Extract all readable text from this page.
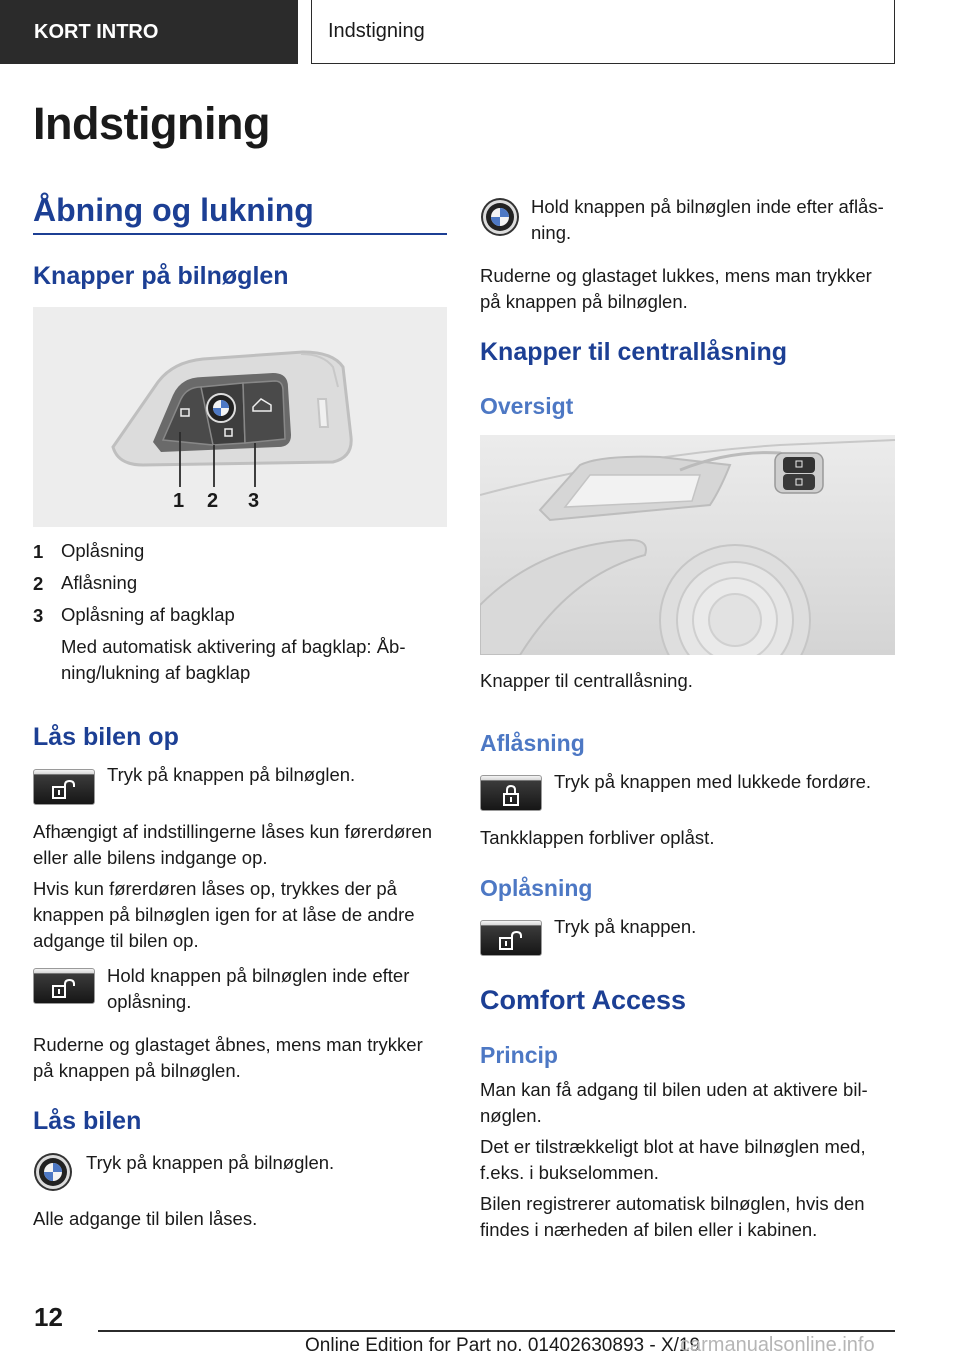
KORT INTRO	Indstigning
Indstigning
Åbning og lukning
Knapper på bilnøglen
1 2 3
1 Oplåsning
2 Aflåsning
3 Oplåsning af bagklap
Med automatisk aktivering af bagklap: Åb-
ning/lukning af bagklap
Lås bilen op
Tryk på knappen på bilnøglen.
Afhængigt af indstillingerne låses kun førerdøren
eller alle bilens indgange op.
Hvis kun førerdøren låses op, trykkes der på
knappen på bilnøglen igen for at låse de andre
adgange til bilen op.
Hold knappen på bilnøglen inde efter
oplåsning.
Ruderne og glastaget åbnes, mens man trykker
på knappen på bilnøglen.
Lås bilen
Tryk på knappen på bilnøglen.
Alle adgange til bilen låses.
Hold knappen på bilnøglen inde efter aflås-
ning.
Ruderne og glastaget lukkes, mens man trykker
på knappen på bilnøglen.
Knapper til centrallåsning
Oversigt
Knapper til centrallåsning.
Aflåsning
Tryk på knappen med lukkede fordøre.
Tankklappen forbliver oplåst.
Oplåsning
Tryk på knappen.
Comfort Access
Princip
Man kan få adgang til bilen uden at aktivere bil-
nøglen.
Det er tilstrækkeligt blot at have bilnøglen med,
f.eks. i bukselommen.
Bilen registrerer automatisk bilnøglen, hvis den
findes i nærheden af bilen eller i kabinen.
12
Online Edition for Part no. 01402630893 - X/19
carmanualsonline.info
